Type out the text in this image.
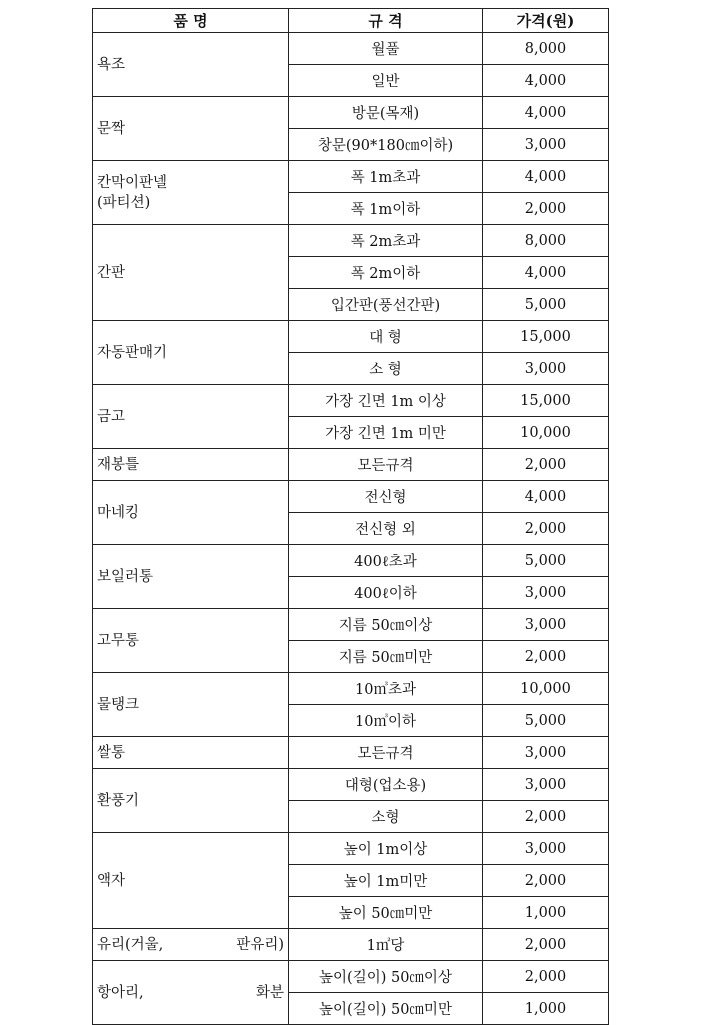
품 명	규 격	가격(원)

욕조	월풀	8,000
	일반	4,000

문짝	방문(목재)	4,000
	창문(90*180㎝이하)	3,000

칸막이판넬
(파티션)	폭 1m초과	4,000
	폭 1m이하	2,000

간판	폭 2m초과	8,000
	폭 2m이하	4,000
	입간판(풍선간판)	5,000

자동판매기	대 형	15,000
	소 형	3,000

금고	가장 긴면 1m 이상	15,000
	가장 긴면 1m 미만	10,000

재봉틀	모든규격	2,000

마네킹	전신형	4,000
	전신형 외	2,000

보일러통	400ℓ초과	5,000
	400ℓ이하	3,000

고무통	지름 50㎝이상	3,000
	지름 50㎝미만	2,000

물탱크	10㎥초과	10,000
	10㎥이하	5,000

쌀통	모든규격	3,000

환풍기	대형(업소용)	3,000
	소형	2,000

액자	높이 1m이상	3,000
	높이 1m미만	2,000
	높이 50㎝미만	1,000

유리(거울, 판유리)	1㎡당	2,000

항아리, 화분	높이(길이) 50㎝이상	2,000
	높이(길이) 50㎝미만	1,000
